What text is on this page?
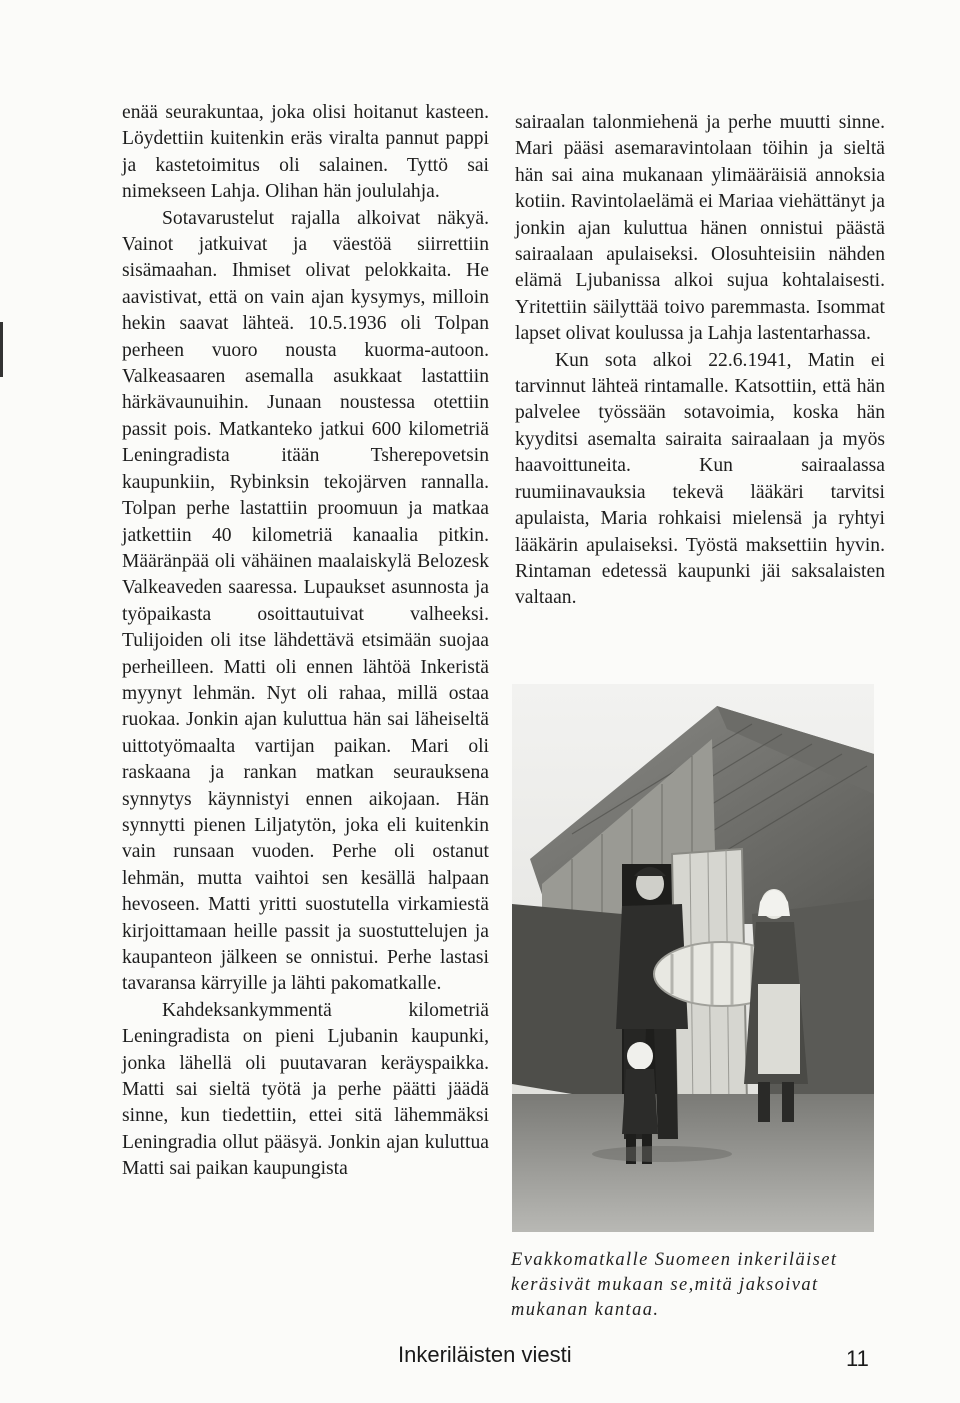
enää seurakuntaa, joka olisi hoitanut kasteen. Löydettiin kuitenkin eräs viralta pannut pappi ja kastetoimitus oli salainen. Tyttö sai nimekseen Lahja. Olihan hän joululahja.

Sotavarustelut rajalla alkoivat näkyä. Vainot jatkuivat ja väestöä siirrettiin sisämaahan. Ihmiset olivat pelokkaita. He aavistivat, että on vain ajan kysymys, milloin hekin saavat lähteä. 10.5.1936 oli Tolpan perheen vuoro nousta kuorma-autoon. Valkeasaaren asemalla asukkaat lastattiin härkävaunuihin. Junaan noustessa otettiin passit pois. Matkanteko jatkui 600 kilometriä Leningradista itään Tsherepovetsin kaupunkiin, Rybinksin tekojärven rannalla. Tolpan perhe lastattiin proomuun ja matkaa jatkettiin 40 kilometriä kanaalia pitkin. Määränpää oli vähäinen maalaiskylä Belozesk Valkeaveden saaressa. Lupaukset asunnosta ja työpaikasta osoittautuivat valheeksi. Tulijoiden oli itse lähdettävä etsimään suojaa perheilleen. Matti oli ennen lähtöä Inkeristä myynyt lehmän. Nyt oli rahaa, millä ostaa ruokaa. Jonkin ajan kuluttua hän sai läheiseltä uittotyömaalta vartijan paikan. Mari oli raskaana ja rankan matkan seurauksena synnytys käynnistyi ennen aikojaan. Hän synnytti pienen Liljatytön, joka eli kuitenkin vain runsaan vuoden. Perhe oli ostanut lehmän, mutta vaihtoi sen kesällä halpaan hevoseen. Matti yritti suostutella virkamiestä kirjoittamaan heille passit ja suostuttelujen ja kaupanteon jälkeen se onnistui. Perhe lastasi tavaransa kärryille ja lähti pakomatkalle.

Kahdeksankymmentä kilometriä Leningradista on pieni Ljubanin kaupunki, jonka lähellä oli puutavaran keräyspaikka. Matti sai sieltä työtä ja perhe päätti jäädä sinne, kun tiedettiin, ettei sitä lähemmäksi Leningradia ollut pääsyä. Jonkin ajan kuluttua Matti sai paikan kaupungista

sairaalan talonmiehenä ja perhe muutti sinne. Mari pääsi asemaravintolaan töihin ja sieltä hän sai aina mukanaan ylimääräisiä annoksia kotiin. Ravintolaelämä ei Mariaa viehättänyt ja jonkin ajan kuluttua hänen onnistui päästä sairaalaan apulaiseksi. Olosuhteisiin nähden elämä Ljubanissa alkoi sujua kohtalaisesti. Yritettiin säilyttää toivo paremmasta. Isommat lapset olivat koulussa ja Lahja lastentarhassa.

Kun sota alkoi 22.6.1941, Matin ei tarvinnut lähteä rintamalle. Katsottiin, että hän palvelee työssään sotavoimia, koska hän kyyditsi asemalta sairaita sairaalaan ja myös haavoittuneita. Kun sairaalassa ruumiinavauksia tekevä lääkäri tarvitsi apulaista, Maria rohkaisi mielensä ja ryhtyi lääkärin apulaiseksi. Työstä maksettiin hyvin. Rintaman edetessä kaupunki jäi saksalaisten valtaan.

Evakkomatkalle Suomeen inkeriläiset keräsivät mukaan se,mitä jaksoivat mukanan kantaa.
Inkeriläisten viesti	11
